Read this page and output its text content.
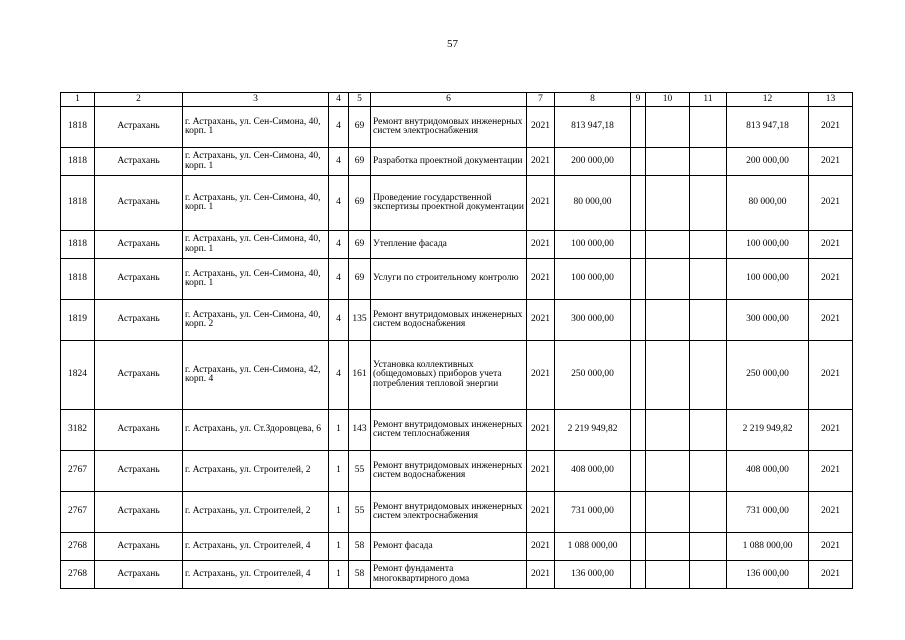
57
1	2	3	4	5	6	7	8	9	10	11	12	13
1818	Астрахань	г. Астрахань, ул. Сен-Симона, 40, корп. 1	4	69	Ремонт внутридомовых инженерных систем электроснабжения	2021	813 947,18				813 947,18	2021
1818	Астрахань	г. Астрахань, ул. Сен-Симона, 40, корп. 1	4	69	Разработка проектной документации	2021	200 000,00				200 000,00	2021
1818	Астрахань	г. Астрахань, ул. Сен-Симона, 40, корп. 1	4	69	Проведение государственной экспертизы проектной документации	2021	80 000,00				80 000,00	2021
1818	Астрахань	г. Астрахань, ул. Сен-Симона, 40, корп. 1	4	69	Утепление фасада	2021	100 000,00				100 000,00	2021
1818	Астрахань	г. Астрахань, ул. Сен-Симона, 40, корп. 1	4	69	Услуги по строительному контролю	2021	100 000,00				100 000,00	2021
1819	Астрахань	г. Астрахань, ул. Сен-Симона, 40, корп. 2	4	135	Ремонт внутридомовых инженерных систем водоснабжения	2021	300 000,00				300 000,00	2021
1824	Астрахань	г. Астрахань, ул. Сен-Симона, 42, корп. 4	4	161	Установка коллективных (общедомовых) приборов учета потребления тепловой энергии	2021	250 000,00				250 000,00	2021
3182	Астрахань	г. Астрахань, ул. Ст.Здоровцева, 6	1	143	Ремонт внутридомовых инженерных систем теплоснабжения	2021	2 219 949,82				2 219 949,82	2021
2767	Астрахань	г. Астрахань, ул. Строителей, 2	1	55	Ремонт внутридомовых инженерных систем водоснабжения	2021	408 000,00				408 000,00	2021
2767	Астрахань	г. Астрахань, ул. Строителей, 2	1	55	Ремонт внутридомовых инженерных систем электроснабжения	2021	731 000,00				731 000,00	2021
2768	Астрахань	г. Астрахань, ул. Строителей, 4	1	58	Ремонт фасада	2021	1 088 000,00				1 088 000,00	2021
2768	Астрахань	г. Астрахань, ул. Строителей, 4	1	58	Ремонт фундамента многоквартирного дома	2021	136 000,00				136 000,00	2021
